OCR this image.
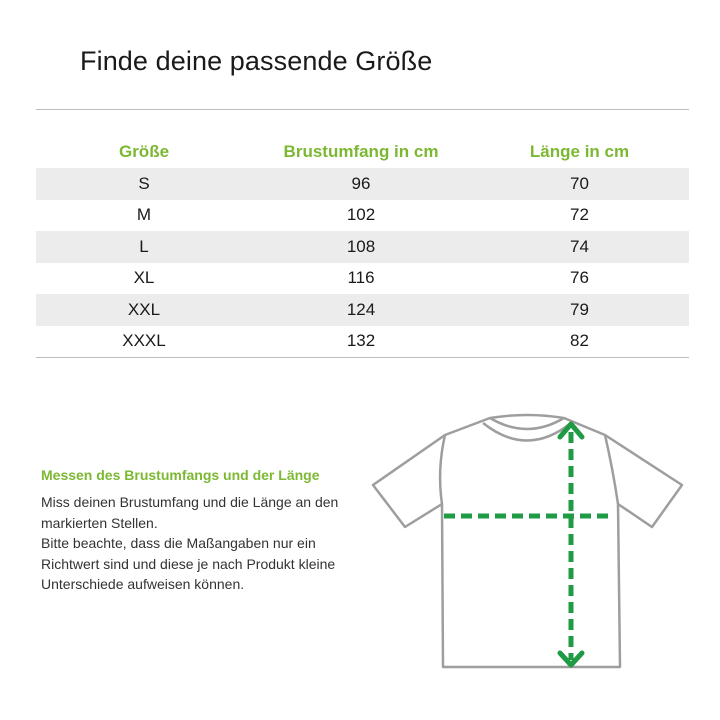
Finde deine passende Größe
Größe	Brustumfang in cm	Länge in cm
S	96	70
M	102	72
L	108	74
XL	116	76
XXL	124	79
XXXL	132	82
Messen des Brustumfangs und der Länge

Miss deinen Brustumfang und die Länge an den markierten Stellen.

Bitte beachte, dass die Maßangaben nur ein Richtwert sind und diese je nach Produkt kleine Unterschiede aufweisen können.
